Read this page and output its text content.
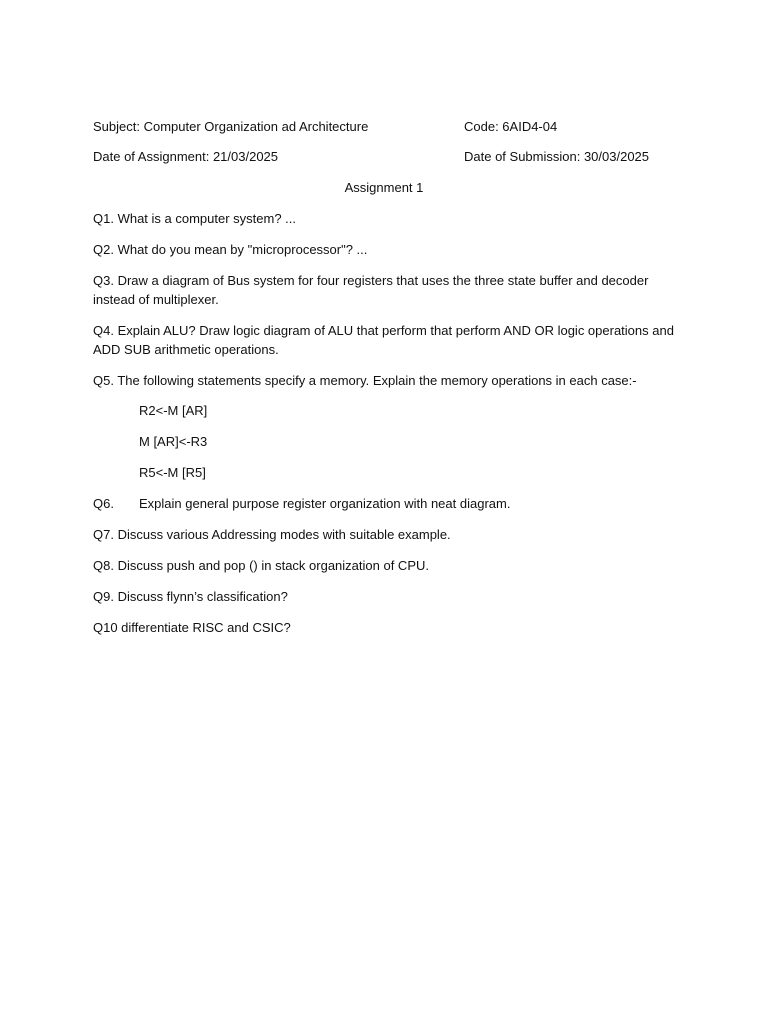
Subject: Computer Organization ad Architecture	Code: 6AID4-04
Date of Assignment: 21/03/2025	Date of Submission: 30/03/2025
Assignment 1
Q1. What is a computer system? ...
Q2. What do you mean by "microprocessor"? ...
Q3. Draw a diagram of Bus system for four registers that uses the three state buffer and decoder instead of multiplexer.
Q4. Explain ALU? Draw logic diagram of ALU that perform that perform AND OR logic operations and ADD SUB arithmetic operations.
Q5. The following statements specify a memory. Explain the memory operations in each case:-
R2<-M [AR]
M [AR]<-R3
R5<-M [R5]
Q6. Explain general purpose register organization with neat diagram.
Q7. Discuss various Addressing modes with suitable example.
Q8. Discuss push and pop () in stack organization of CPU.
Q9. Discuss flynn’s classification?
Q10 differentiate RISC and CSIC?
